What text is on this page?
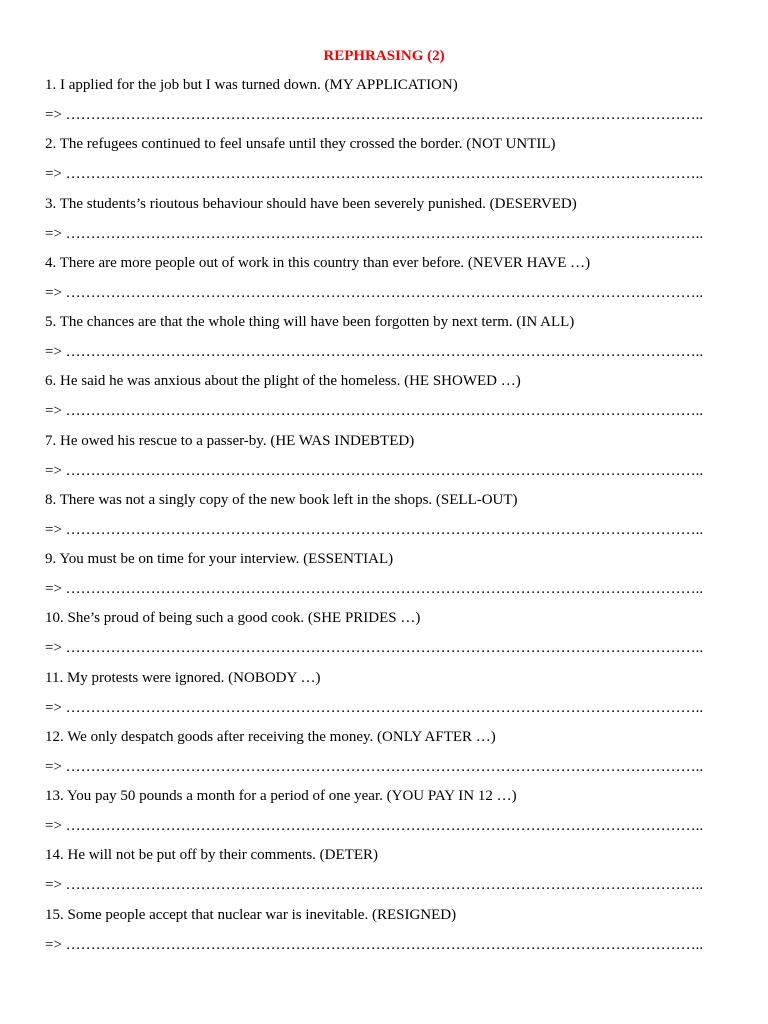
REPHRASING (2)
1. I applied for the job but I was turned down. (MY APPLICATION)
=> ………………………………………………………………………………………………………………..
2. The refugees continued to feel unsafe until they crossed the border. (NOT UNTIL)
=> ………………………………………………………………………………………………………………..
3. The students’s rioutous behaviour should have been severely punished. (DESERVED)
=> ………………………………………………………………………………………………………………..
4. There are more people out of work in this country than ever before. (NEVER HAVE …)
=> ………………………………………………………………………………………………………………..
5. The chances are that the whole thing will have been forgotten by next term. (IN ALL)
=> ………………………………………………………………………………………………………………..
6. He said he was anxious about the plight of the homeless. (HE SHOWED …)
=> ………………………………………………………………………………………………………………..
7. He owed his rescue to a passer-by. (HE WAS INDEBTED)
=> ………………………………………………………………………………………………………………..
8. There was not a singly copy of the new book left in the shops. (SELL-OUT)
=> ………………………………………………………………………………………………………………..
9. You must be on time for your interview. (ESSENTIAL)
=> ………………………………………………………………………………………………………………..
10. She’s proud of being such a good cook. (SHE PRIDES …)
=> ………………………………………………………………………………………………………………..
11. My protests were ignored. (NOBODY …)
=> ………………………………………………………………………………………………………………..
12. We only despatch goods after receiving the money. (ONLY AFTER …)
=> ………………………………………………………………………………………………………………..
13. You pay 50 pounds a month for a period of one year. (YOU PAY IN 12 …)
=> ………………………………………………………………………………………………………………..
14. He will not be put off by their comments. (DETER)
=> ………………………………………………………………………………………………………………..
15. Some people accept that nuclear war is inevitable. (RESIGNED)
=> ………………………………………………………………………………………………………………..
